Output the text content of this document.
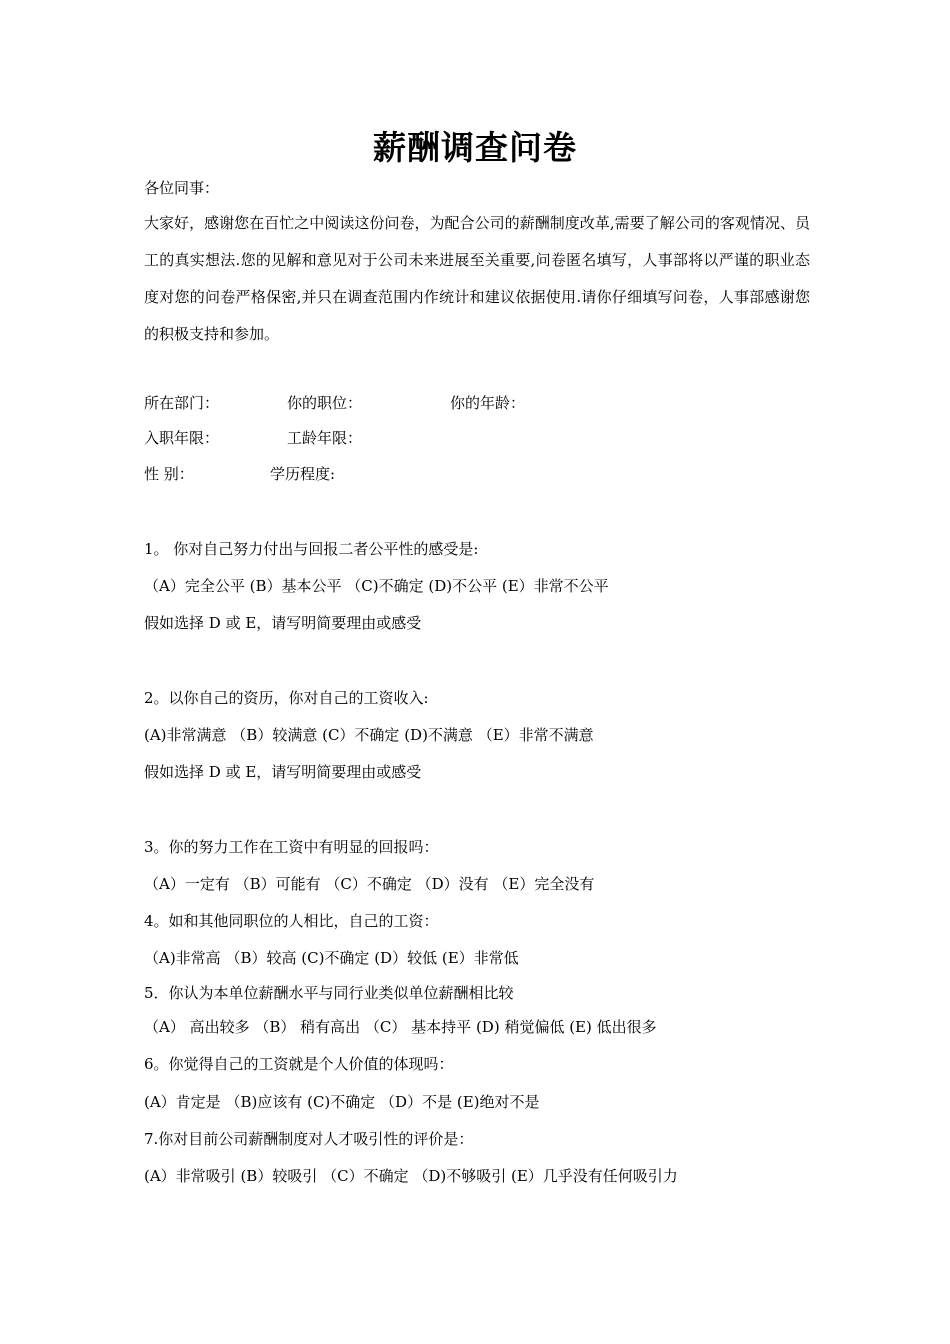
薪酬调查问卷

各位同事：

大家好，感谢您在百忙之中阅读这份问卷，为配合公司的薪酬制度改革,需要了解公司的客观情况、员工的真实想法.您的见解和意见对于公司未来进展至关重要,问卷匿名填写，人事部将以严谨的职业态度对您的问卷严格保密,并只在调查范围内作统计和建议依据使用.请你仔细填写问卷，人事部感谢您的积极支持和参加。

所在部门：	你的职位：	你的年龄：
入职年限：	工龄年限：
性 别：	学历程度:

1。 你对自己努力付出与回报二者公平性的感受是:

（A）完全公平 (B）基本公平 （C)不确定 (D)不公平 (E）非常不公平

假如选择 D 或 E，请写明简要理由或感受

2。以你自己的资历，你对自己的工资收入:

(A)非常满意 （B）较满意 (C）不确定 (D)不满意 （E）非常不满意

假如选择 D 或 E，请写明简要理由或感受

3。你的努力工作在工资中有明显的回报吗：

（A）一定有 （B）可能有 （C）不确定 （D）没有 （E）完全没有

4。如和其他同职位的人相比，自己的工资：

（A)非常高 （B）较高 (C)不确定 (D）较低 (E）非常低

5．你认为本单位薪酬水平与同行业类似单位薪酬相比较

（A） 高出较多 （B） 稍有高出 （C） 基本持平 (D) 稍觉偏低 (E) 低出很多

6。你觉得自己的工资就是个人价值的体现吗：

(A）肯定是 （B)应该有 (C)不确定 （D）不是 (E)绝对不是

7.你对目前公司薪酬制度对人才吸引性的评价是：

(A）非常吸引 (B）较吸引 （C）不确定 （D)不够吸引 (E）几乎没有任何吸引力
